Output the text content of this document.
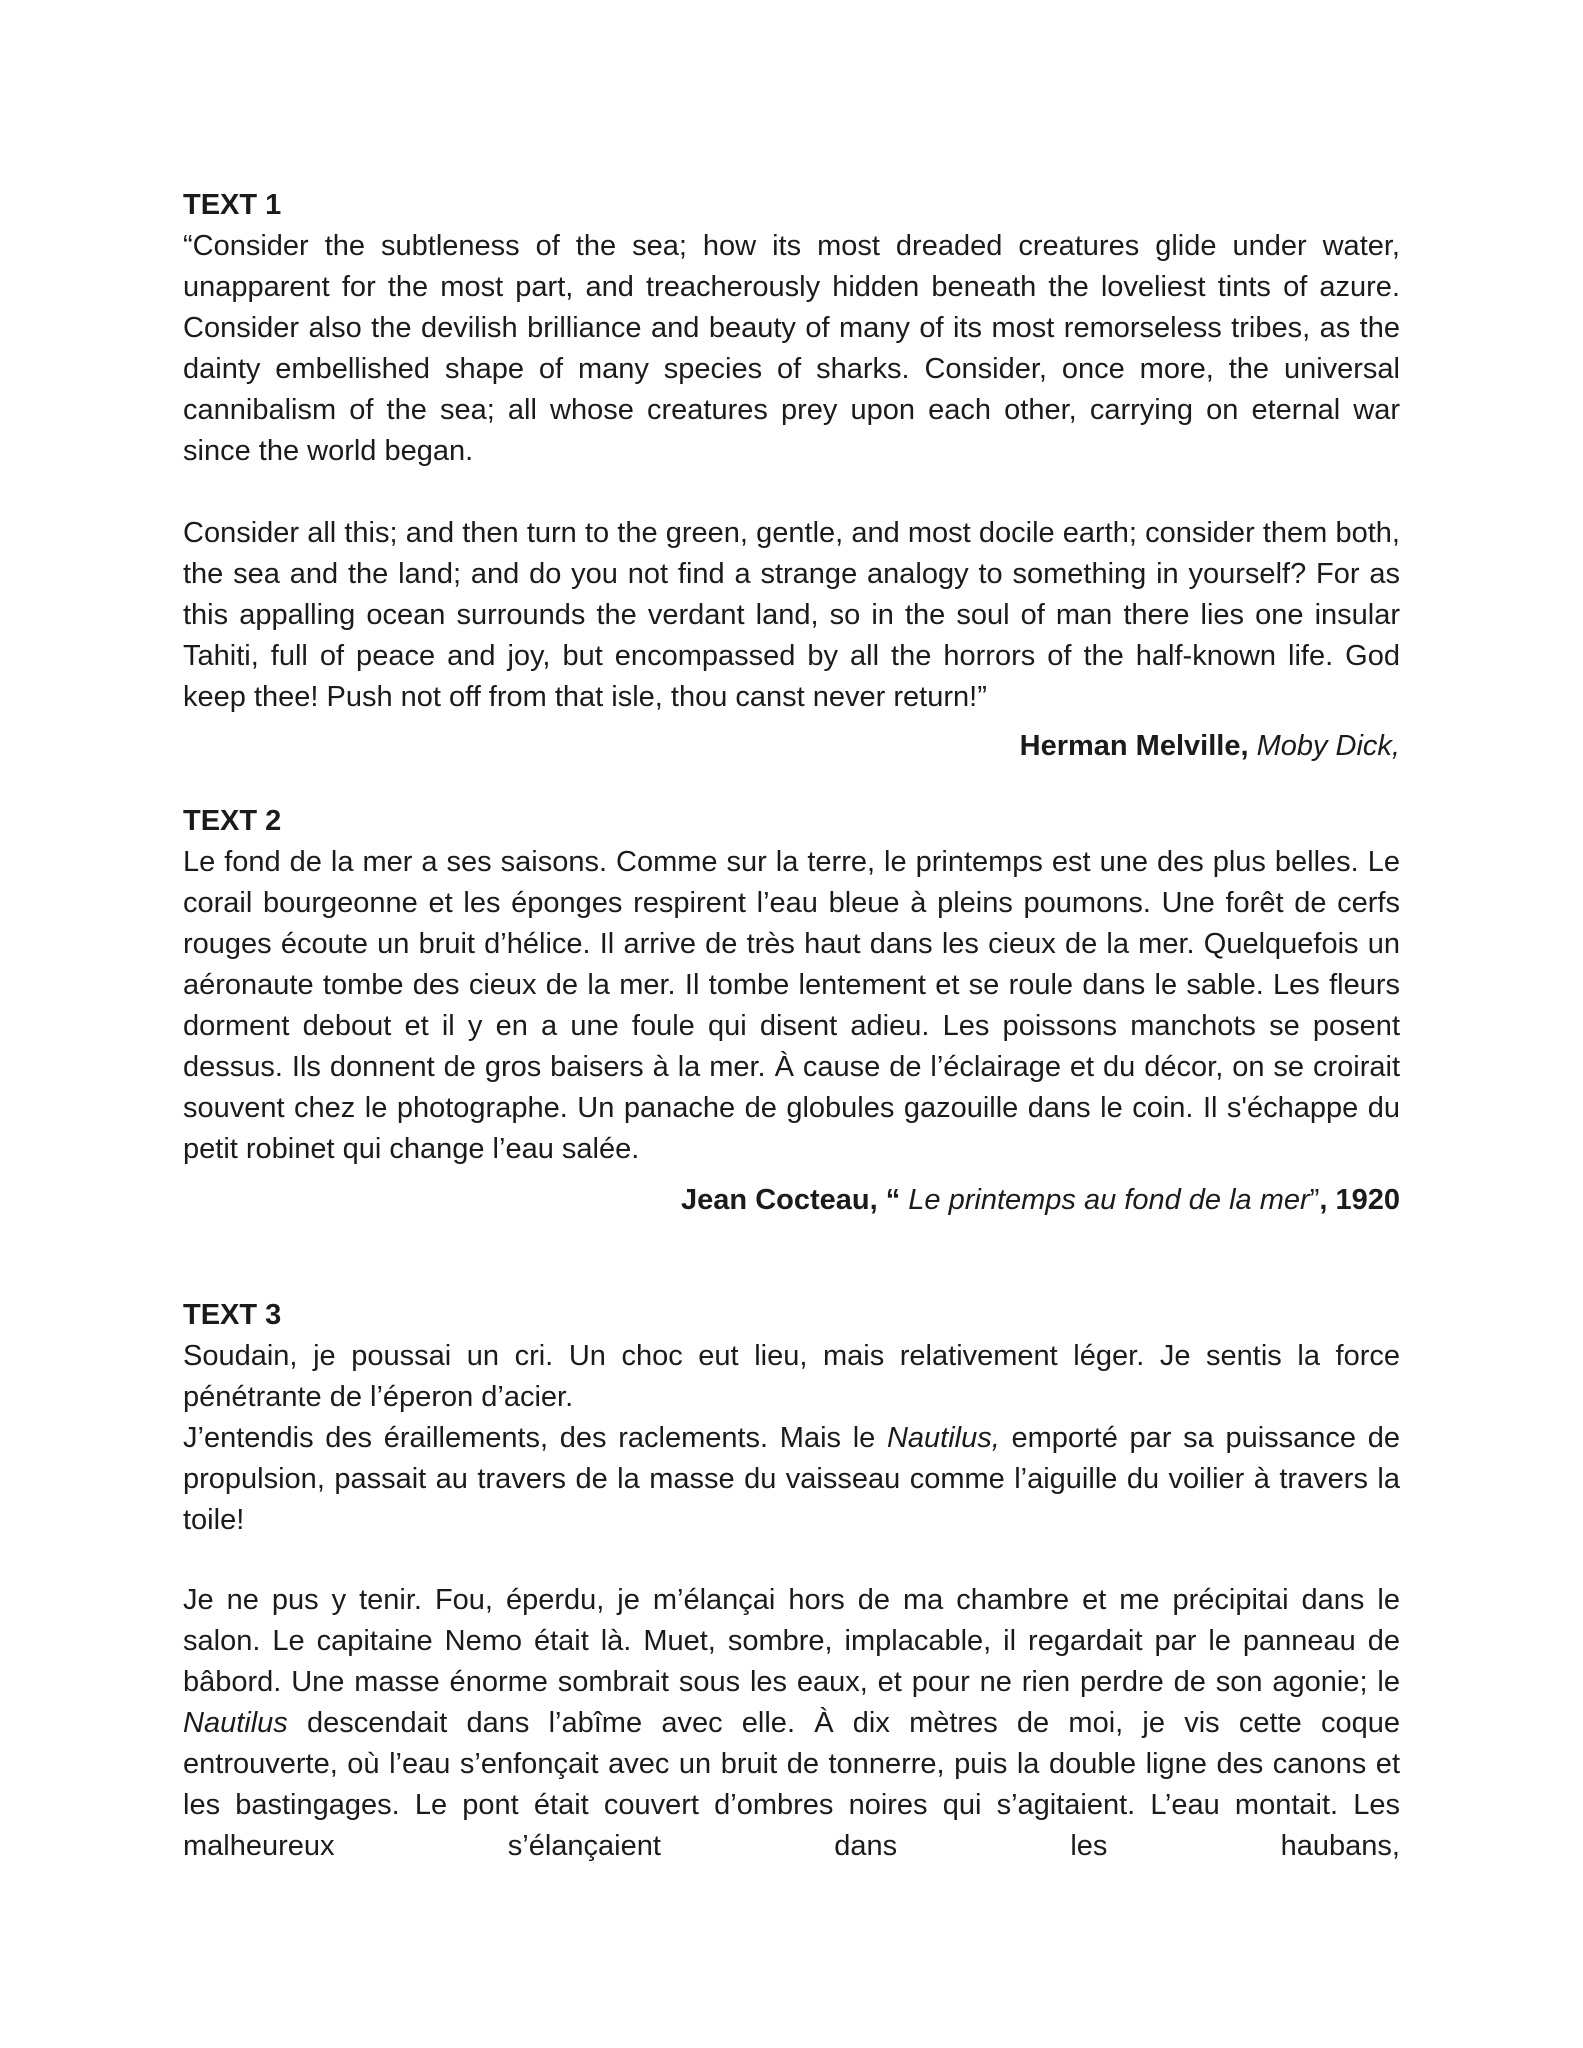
TEXT 1

“Consider the subtleness of the sea; how its most dreaded creatures glide under water, unapparent for the most part, and treacherously hidden beneath the loveliest tints of azure. Consider also the devilish brilliance and beauty of many of its most remorseless tribes, as the dainty embellished shape of many species of sharks. Consider, once more, the universal cannibalism of the sea; all whose creatures prey upon each other, carrying on eternal war since the world began.

Consider all this; and then turn to the green, gentle, and most docile earth; consider them both, the sea and the land; and do you not find a strange analogy to something in yourself? For as this appalling ocean surrounds the verdant land, so in the soul of man there lies one insular Tahiti, full of peace and joy, but encompassed by all the horrors of the half-known life. God keep thee! Push not off from that isle, thou canst never return!”

Herman Melville, Moby Dick,

TEXT 2

Le fond de la mer a ses saisons. Comme sur la terre, le printemps est une des plus belles. Le corail bourgeonne et les éponges respirent l’eau bleue à pleins poumons. Une forêt de cerfs rouges écoute un bruit d’hélice. Il arrive de très haut dans les cieux de la mer. Quelquefois un aéronaute tombe des cieux de la mer. Il tombe lentement et se roule dans le sable. Les fleurs dorment debout et il y en a une foule qui disent adieu. Les poissons manchots se posent dessus. Ils donnent de gros baisers à la mer. À cause de l’éclairage et du décor, on se croirait souvent chez le photographe. Un panache de globules gazouille dans le coin. Il s'échappe du petit robinet qui change l’eau salée.

Jean Cocteau, “ Le printemps au fond de la mer”, 1920

TEXT 3

Soudain, je poussai un cri. Un choc eut lieu, mais relativement léger. Je sentis la force pénétrante de l’éperon d’acier.

J’entendis des éraillements, des raclements. Mais le Nautilus, emporté par sa puissance de propulsion, passait au travers de la masse du vaisseau comme l’aiguille du voilier à travers la toile!

Je ne pus y tenir. Fou, éperdu, je m’élançai hors de ma chambre et me précipitai dans le salon. Le capitaine Nemo était là. Muet, sombre, implacable, il regardait par le panneau de bâbord. Une masse énorme sombrait sous les eaux, et pour ne rien perdre de son agonie; le Nautilus descendait dans l’abîme avec elle. À dix mètres de moi, je vis cette coque entrouverte, où l’eau s’enfonçait avec un bruit de tonnerre, puis la double ligne des canons et les bastingages. Le pont était couvert d’ombres noires qui s’agitaient. L’eau montait. Les malheureux s’élançaient dans les haubans,
